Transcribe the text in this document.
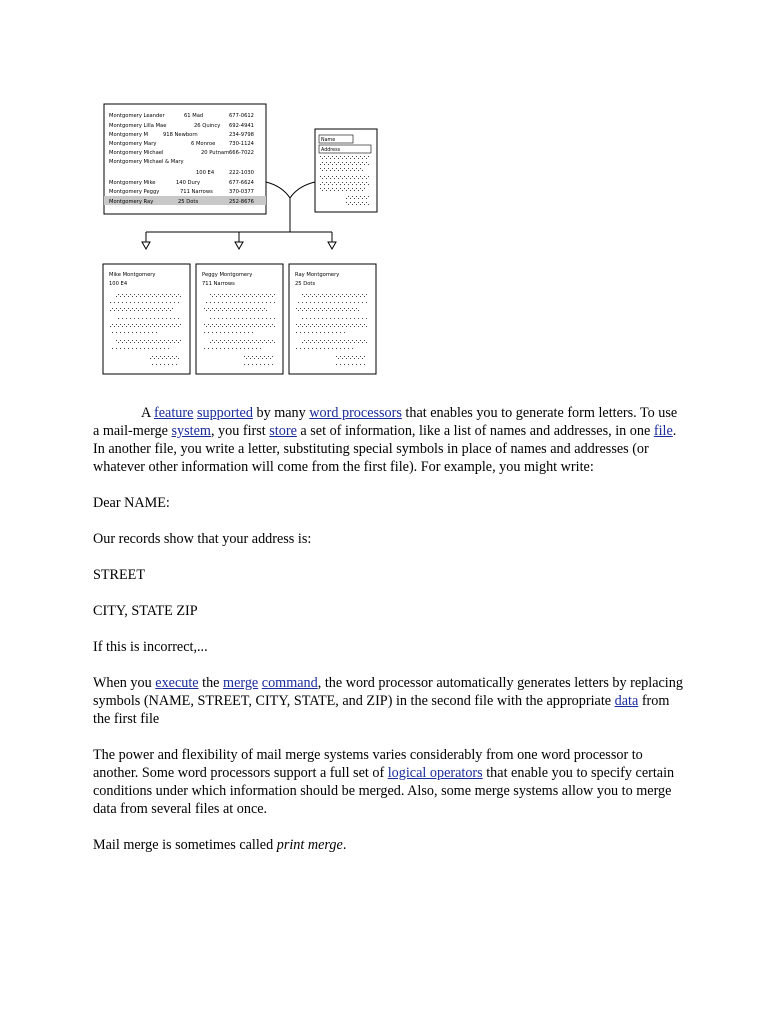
Montgomery Leander	61 Mad	677-0612
Montgomery Lilla Mae	26 Quincy 692-4941
Montgomery M	918 Newborn	234-9798
Montgomery Mary	6 Monroe	730-1124
Montgomery Michael	20 Putnam 666-7022
Montgomery Michael & Mary
100 E4	222-1030
Montgomery Mike	140 Dury	677-6624
Montgomery Peggy	711 Narrows	370-0377
Montgomery Ray	25 Dots	252-8676
Name
Address
Mike Montgomery
100 E4
Peggy Montgomery
711 Narrows
Ray Montgomery
25 Dots

A feature supported by many word processors that enables you to generate form letters. To use a mail-merge system, you first store a set of information, like a list of names and addresses, in one file. In another file, you write a letter, substituting special symbols in place of names and addresses (or whatever other information will come from the first file). For example, you might write:

Dear NAME:

Our records show that your address is:

STREET

CITY, STATE ZIP

If this is incorrect,...

When you execute the merge command, the word processor automatically generates letters by replacing symbols (NAME, STREET, CITY, STATE, and ZIP) in the second file with the appropriate data from the first file

The power and flexibility of mail merge systems varies considerably from one word processor to another. Some word processors support a full set of logical operators that enable you to specify certain conditions under which information should be merged. Also, some merge systems allow you to merge data from several files at once.

Mail merge is sometimes called print merge.
